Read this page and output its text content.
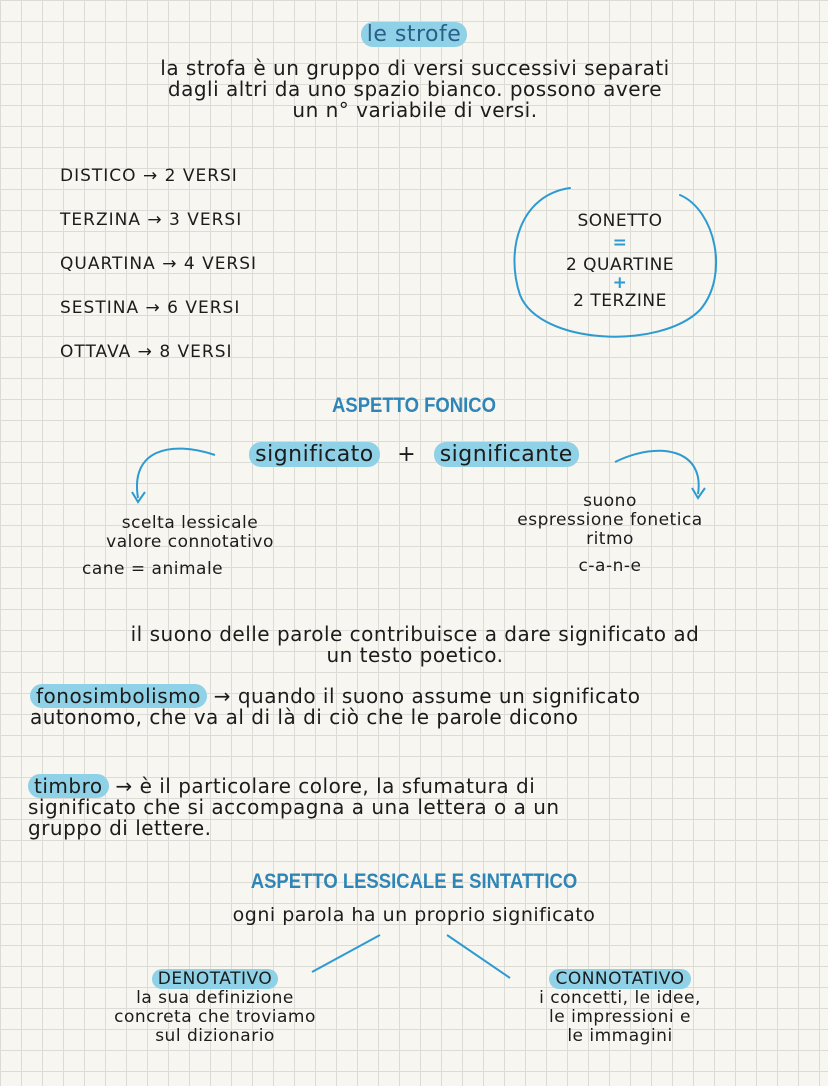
le strofe
la strofa è un gruppo di versi successivi separati
dagli altri da uno spazio bianco. possono avere
un n° variabile di versi.
DISTICO → 2 VERSI
TERZINA → 3 VERSI
QUARTINA → 4 VERSI
SESTINA → 6 VERSI
OTTAVA → 8 VERSI
SONETTO
=
2 QUARTINE
+
2 TERZINE
ASPETTO FONICO
significato + significante
scelta lessicale
valore connotativo
cane = animale
suono
espressione fonetica
ritmo
c-a-n-e
il suono delle parole contribuisce a dare significato ad
un testo poetico.
fonosimbolismo → quando il suono assume un significato
autonomo, che va al di là di ciò che le parole dicono
timbro → è il particolare colore, la sfumatura di
significato che si accompagna a una lettera o a un
gruppo di lettere.
ASPETTO LESSICALE E SINTATTICO
ogni parola ha un proprio significato
DENOTATIVO
la sua definizione
concreta che troviamo
sul dizionario
CONNOTATIVO
i concetti, le idee,
le impressioni e
le immagini
